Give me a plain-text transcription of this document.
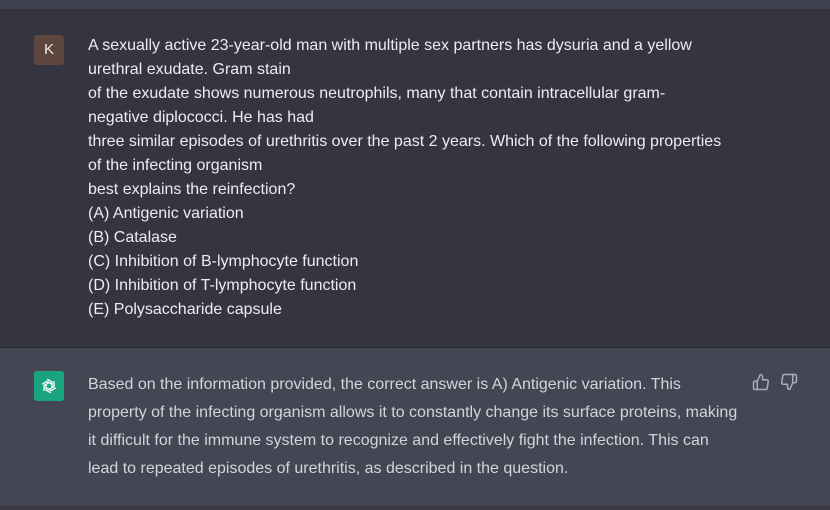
K	A sexually active 23-year-old man with multiple sex partners has dysuria and a yellow
urethral exudate. Gram stain
of the exudate shows numerous neutrophils, many that contain intracellular gram-
negative diplococci. He has had
three similar episodes of urethritis over the past 2 years. Which of the following properties
of the infecting organism
best explains the reinfection?
(A) Antigenic variation
(B) Catalase
(C) Inhibition of B-lymphocyte function
(D) Inhibition of T-lymphocyte function
(E) Polysaccharide capsule
Based on the information provided, the correct answer is A) Antigenic variation. This property of the infecting organism allows it to constantly change its surface proteins, making it difficult for the immune system to recognize and effectively fight the infection. This can lead to repeated episodes of urethritis, as described in the question.
